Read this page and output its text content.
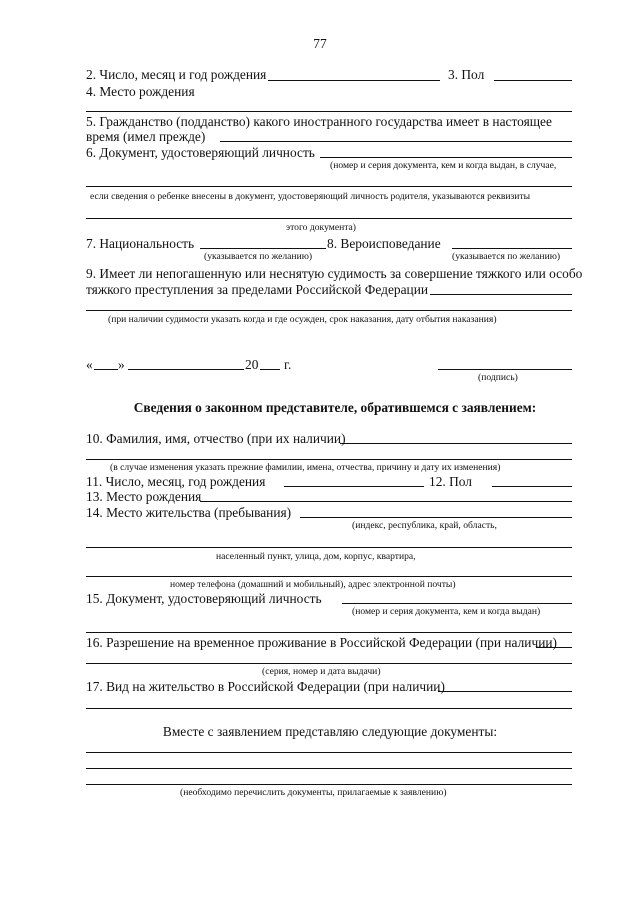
77
2. Число, месяц и год рождения	3. Пол
4. Место рождения
5. Гражданство (подданство) какого иностранного государства имеет в настоящее
время (имел прежде)
6. Документ, удостоверяющий личность
(номер и серия документа, кем и когда выдан, в случае,
если сведения о ребенке внесены в документ, удостоверяющий личность родителя, указываются реквизиты
этого документа)
7. Национальность
(указывается по желанию)
8. Вероисповедание
(указывается по желанию)
9. Имеет ли непогашенную или неснятую судимость за совершение тяжкого или особо
тяжкого преступления за пределами Российской Федерации
(при наличии судимости указать когда и где осужден, срок наказания, дату отбытия наказания)
« »	20 г.
(подпись)
Сведения о законном представителе, обратившемся с заявлением:
10. Фамилия, имя, отчество (при их наличии)
(в случае изменения указать прежние фамилии, имена, отчества, причину и дату их изменения)
11. Число, месяц, год рождения	12. Пол
13. Место рождения
14. Место жительства (пребывания)
(индекс, республика, край, область,
населенный пункт, улица, дом, корпус, квартира,
номер телефона (домашний и мобильный), адрес электронной почты)
15. Документ, удостоверяющий личность
(номер и серия документа, кем и когда выдан)
16. Разрешение на временное проживание в Российской Федерации (при наличии)
(серия, номер и дата выдачи)
17. Вид на жительство в Российской Федерации (при наличии)
Вместе с заявлением представляю следующие документы:
(необходимо перечислить документы, прилагаемые к заявлению)
